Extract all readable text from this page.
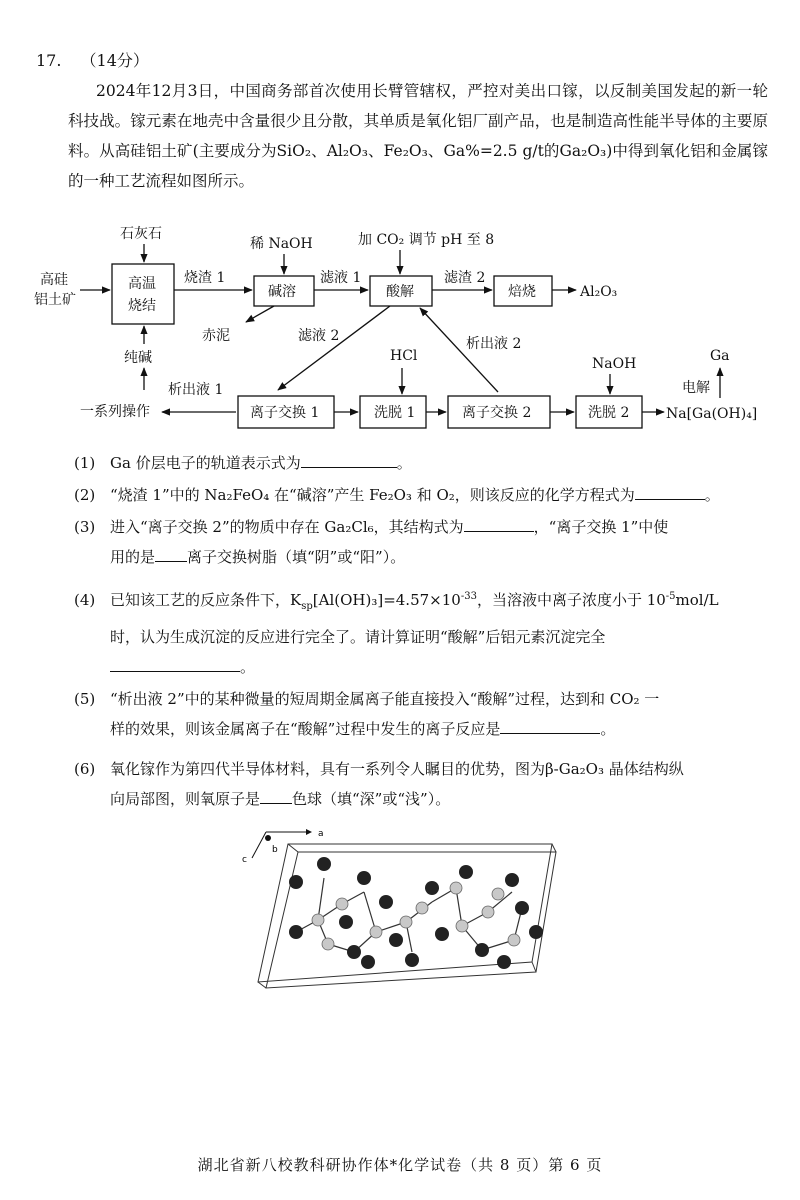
17. （14分）
2024年12月3日，中国商务部首次使用长臂管辖权，严控对美出口镓，以反制美国发起的新一轮科技战。镓元素在地壳中含量很少且分散，其单质是氧化铝厂副产品，也是制造高性能半导体的主要原料。从高硅铝土矿(主要成分为SiO₂、Al₂O₃、Fe₂O₃、Ga%=2.5 g/t的Ga₂O₃)中得到氧化铝和金属镓的一种工艺流程如图所示。
高硅
铝土矿
石灰石
高温
烧结
烧渣 1
稀 NaOH
碱溶
滤液 1
加 CO₂ 调节 pH 至 8
酸解
滤渣 2
焙烧	Al₂O₃
赤泥	滤液 2	析出液 2
纯碱
一系列操作
析出液 1
离子交换 1
HCl
洗脱 1	离子交换 2
NaOH
洗脱 2	Na[Ga(OH)₄]
电解
Ga
(1) Ga 价层电子的轨道表示式为	。
(2) “烧渣 1”中的 Na₂FeO₄ 在“碱溶”产生 Fe₂O₃ 和 O₂，则该反应的化学方程式为	。
(3) 进入“离子交换 2”的物质中存在 Ga₂Cl₆，其结构式为	，“离子交换 1”中使
用的是 离子交换树脂（填“阴”或“阳”）。
(4) 已知该工艺的反应条件下，$K_{sp}[Al(OH)_3]=4.57\times 10^{-33}$，当溶液中离子浓度小于 $10^{-5}mol/L$
时，认为生成沉淀的反应进行完全了。请计算证明“酸解”后铝元素沉淀完全
。
(5) “析出液 2”中的某种微量的短周期金属离子能直接投入“酸解”过程，达到和 CO₂ 一
样的效果，则该金属离子在“酸解”过程中发生的离子反应是	。
(6) 氧化镓作为第四代半导体材料，具有一系列令人瞩目的优势，图为β-Ga₂O₃ 晶体结构纵
向局部图，则氧原子是 色球（填“深”或“浅”）。
a
c
b
湖北省新八校教科研协作体*化学试卷（共 8 页）第 6 页
